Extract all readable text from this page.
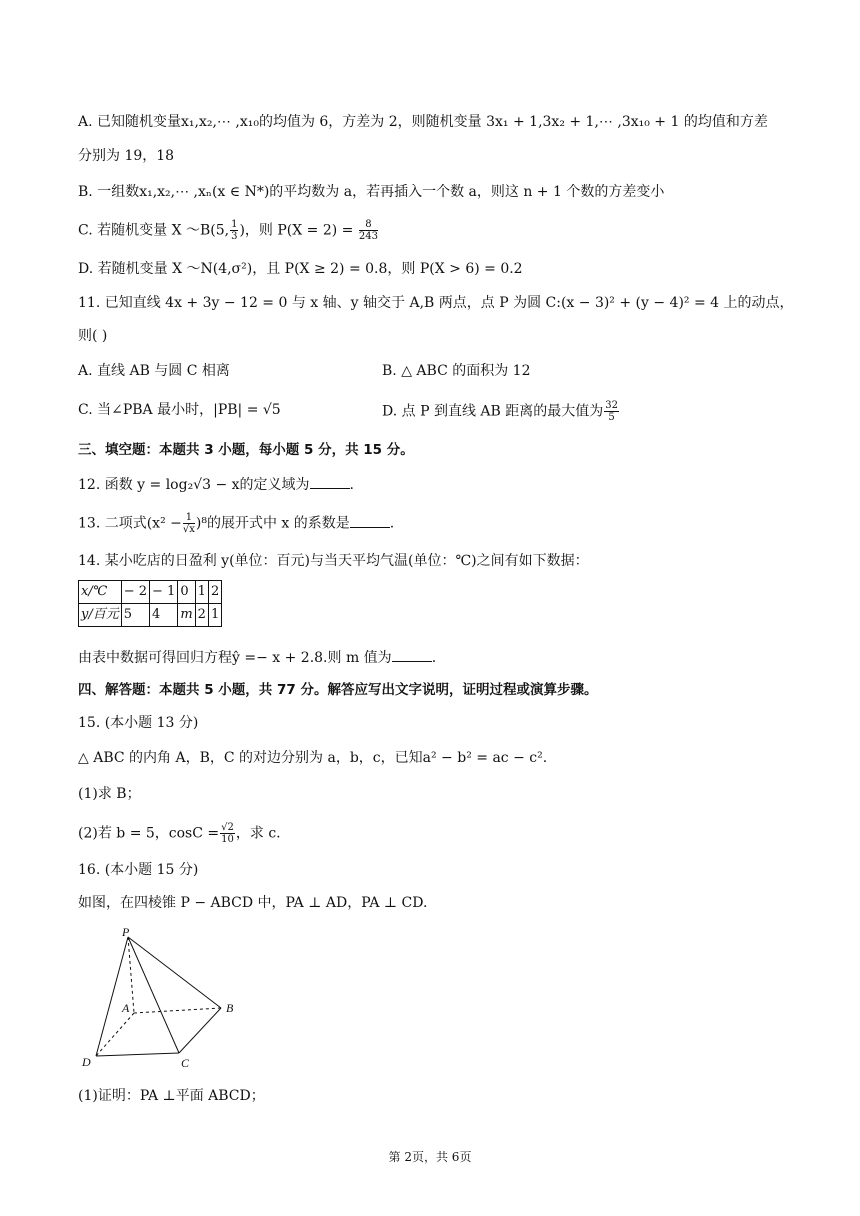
A. 已知随机变量x₁,x₂,⋯ ,x₁₀的均值为 6，方差为 2，则随机变量 3x₁ + 1,3x₂ + 1,⋯ ,3x₁₀ + 1 的均值和方差
分别为 19，18
B. 一组数x₁,x₂,⋯ ,xₙ(x ∈ N*)的平均数为 a，若再插入一个数 a，则这 n + 1 个数的方差变小
C. 若随机变量 X ～B(5, $\frac{1}{3}$ )，则 $P(X = 2) = \frac{8}{243}$
D. 若随机变量 X ～N(4,σ²)，且 P(X ≥ 2) = 0.8，则 P(X > 6) = 0.2
11. 已知直线 4x + 3y − 12 = 0 与 x 轴、y 轴交于 A,B 两点，点 P 为圆 C:(x − 3)² + (y − 4)² = 4 上的动点，
则( )
A. 直线 AB 与圆 C 相离	B. △ ABC 的面积为 12
C. 当∠PBA 最小时，|PB| = √5	D. 点 P 到直线 AB 距离的最大值为 $\frac{32}{5}$
三、填空题：本题共 3 小题，每小题 5 分，共 15 分。
12. 函数 y = log₂√3 − x的定义域为	.
13. 二项式$(x^2 - \frac{1}{√x} )^8$的展开式中 x 的系数是	.
14. 某小吃店的日盈利 y(单位：百元)与当天平均气温(单位：℃)之间有如下数据：
x/℃	− 2	− 1	0	1	2
y/百元	5	4	m	2	1
由表中数据可得回归方程ŷ =− x + 2.8.则 m 值为	.
四、解答题：本题共 5 小题，共 77 分。解答应写出文字说明，证明过程或演算步骤。
15. (本小题 13 分)
△ ABC 的内角 A，B，C 的对边分别为 a，b，c，已知a² − b² = ac − c².
(1)求 B；
(2)若 b = 5，$\cos C = \frac{√2}{10}$ ，求 c.
16. (本小题 15 分)
如图，在四棱锥 P − ABCD 中，PA ⊥ AD，PA ⊥ CD.
P
A	B
C
D
(1)证明：PA ⊥平面 ABCD；
第 2页，共 6页
